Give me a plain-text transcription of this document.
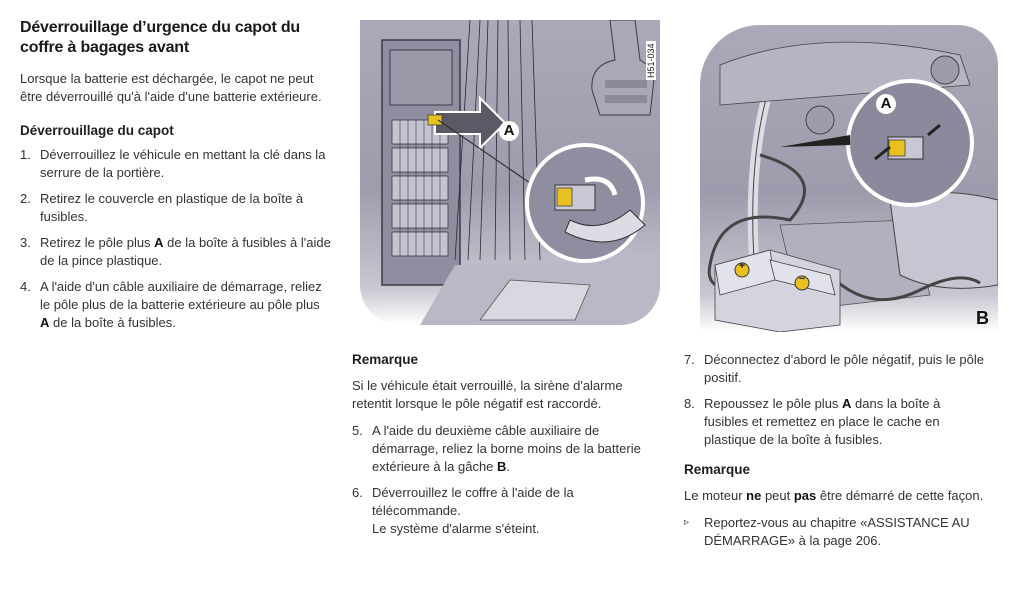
Déverrouillage d’urgence du capot du coffre à bagages avant

Lorsque la batterie est déchargée, le capot ne peut être déverrouillé qu'à l'aide d'une batterie extérieure.

Déverrouillage du capot
1. Déverrouillez le véhicule en mettant la clé dans la serrure de la portière.
2. Retirez le couvercle en plastique de la boîte à fusibles.
3. Retirez le pôle plus A de la boîte à fusibles à l'aide de la pince plastique.
4. A l'aide d'un câble auxiliaire de démarrage, reliez le pôle plus de la batterie extérieure au pôle plus A de la boîte à fusibles.
A
H51-034
+
−
A
B
Remarque

Si le véhicule était verrouillé, la sirène d'alarme retentit lorsque le pôle négatif est raccordé.

5. A l'aide du deuxième câble auxiliaire de démarrage, reliez la borne moins de la batterie extérieure à la gâche B.
6. Déverrouillez le coffre à l'aide de la télécommande.
Le système d'alarme s'éteint.
7. Déconnectez d'abord le pôle négatif, puis le pôle positif.
8. Repoussez le pôle plus A dans la boîte à fusibles et remettez en place le cache en plastique de la boîte à fusibles.
Remarque

Le moteur ne peut pas être démarré de cette façon.

▹ Reportez-vous au chapitre «ASSISTANCE AU DÉMARRAGE» à la page 206.
